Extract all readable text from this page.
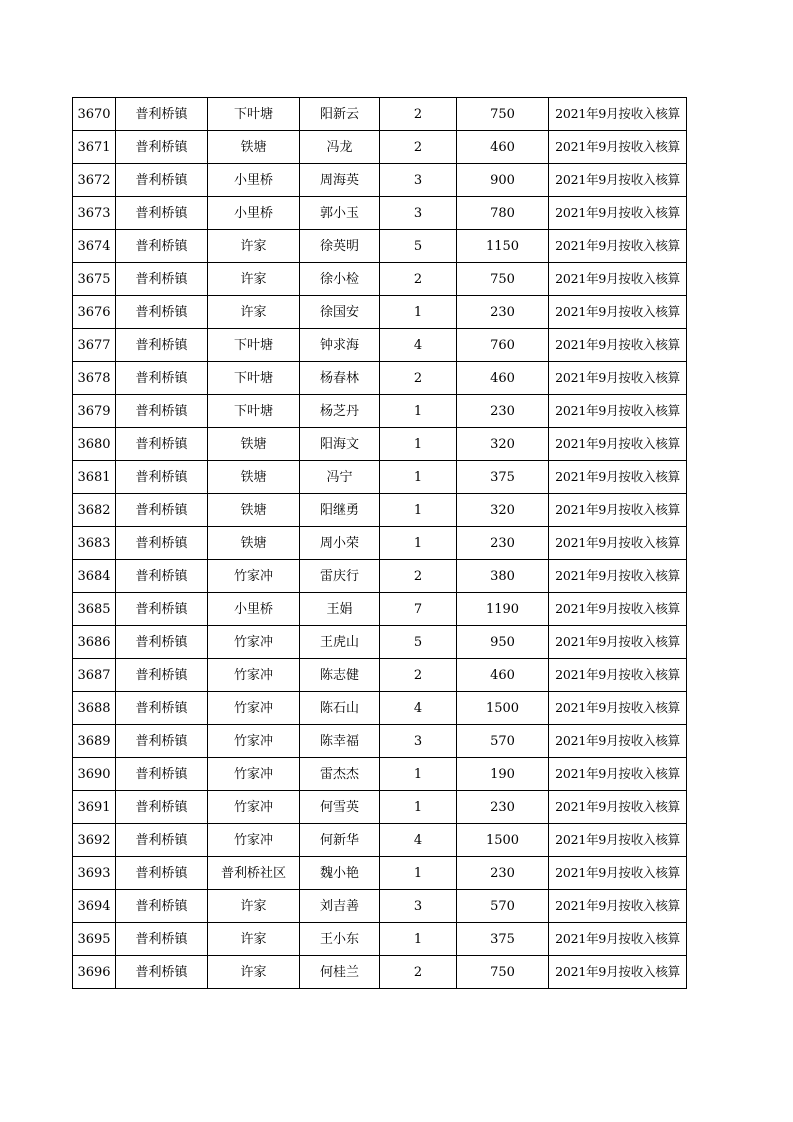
3670	普利桥镇	下叶塘	阳新云	2	750	2021年9月按收入核算
3671	普利桥镇	铁塘	冯龙	2	460	2021年9月按收入核算
3672	普利桥镇	小里桥	周海英	3	900	2021年9月按收入核算
3673	普利桥镇	小里桥	郭小玉	3	780	2021年9月按收入核算
3674	普利桥镇	许家	徐英明	5	1150	2021年9月按收入核算
3675	普利桥镇	许家	徐小检	2	750	2021年9月按收入核算
3676	普利桥镇	许家	徐国安	1	230	2021年9月按收入核算
3677	普利桥镇	下叶塘	钟求海	4	760	2021年9月按收入核算
3678	普利桥镇	下叶塘	杨春林	2	460	2021年9月按收入核算
3679	普利桥镇	下叶塘	杨芝丹	1	230	2021年9月按收入核算
3680	普利桥镇	铁塘	阳海文	1	320	2021年9月按收入核算
3681	普利桥镇	铁塘	冯宁	1	375	2021年9月按收入核算
3682	普利桥镇	铁塘	阳继勇	1	320	2021年9月按收入核算
3683	普利桥镇	铁塘	周小荣	1	230	2021年9月按收入核算
3684	普利桥镇	竹家冲	雷庆行	2	380	2021年9月按收入核算
3685	普利桥镇	小里桥	王娟	7	1190	2021年9月按收入核算
3686	普利桥镇	竹家冲	王虎山	5	950	2021年9月按收入核算
3687	普利桥镇	竹家冲	陈志健	2	460	2021年9月按收入核算
3688	普利桥镇	竹家冲	陈石山	4	1500	2021年9月按收入核算
3689	普利桥镇	竹家冲	陈幸福	3	570	2021年9月按收入核算
3690	普利桥镇	竹家冲	雷杰杰	1	190	2021年9月按收入核算
3691	普利桥镇	竹家冲	何雪英	1	230	2021年9月按收入核算
3692	普利桥镇	竹家冲	何新华	4	1500	2021年9月按收入核算
3693	普利桥镇	普利桥社区	魏小艳	1	230	2021年9月按收入核算
3694	普利桥镇	许家	刘吉善	3	570	2021年9月按收入核算
3695	普利桥镇	许家	王小东	1	375	2021年9月按收入核算
3696	普利桥镇	许家	何桂兰	2	750	2021年9月按收入核算
